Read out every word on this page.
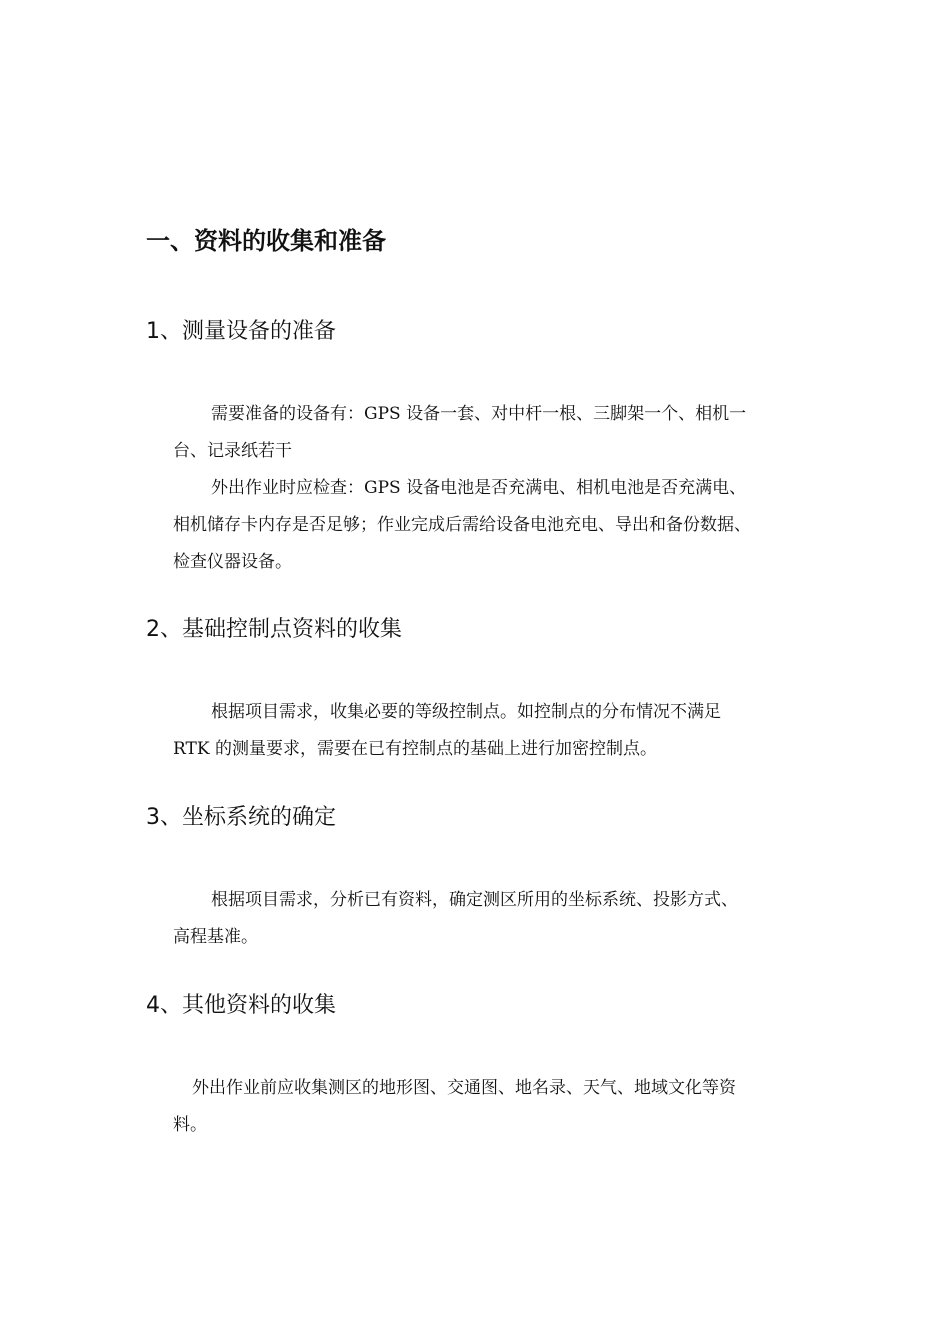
一、资料的收集和准备
1、测量设备的准备

需要准备的设备有：GPS 设备一套、对中杆一根、三脚架一个、相机一

台、记录纸若干

外出作业时应检查：GPS 设备电池是否充满电、相机电池是否充满电、

相机储存卡内存是否足够；作业完成后需给设备电池充电、导出和备份数据、

检查仪器设备。

2、基础控制点资料的收集

根据项目需求，收集必要的等级控制点。如控制点的分布情况不满足

RTK 的测量要求，需要在已有控制点的基础上进行加密控制点。

3、坐标系统的确定

根据项目需求，分析已有资料，确定测区所用的坐标系统、投影方式、

高程基准。

4、其他资料的收集

外出作业前应收集测区的地形图、交通图、地名录、天气、地域文化等资

料。
